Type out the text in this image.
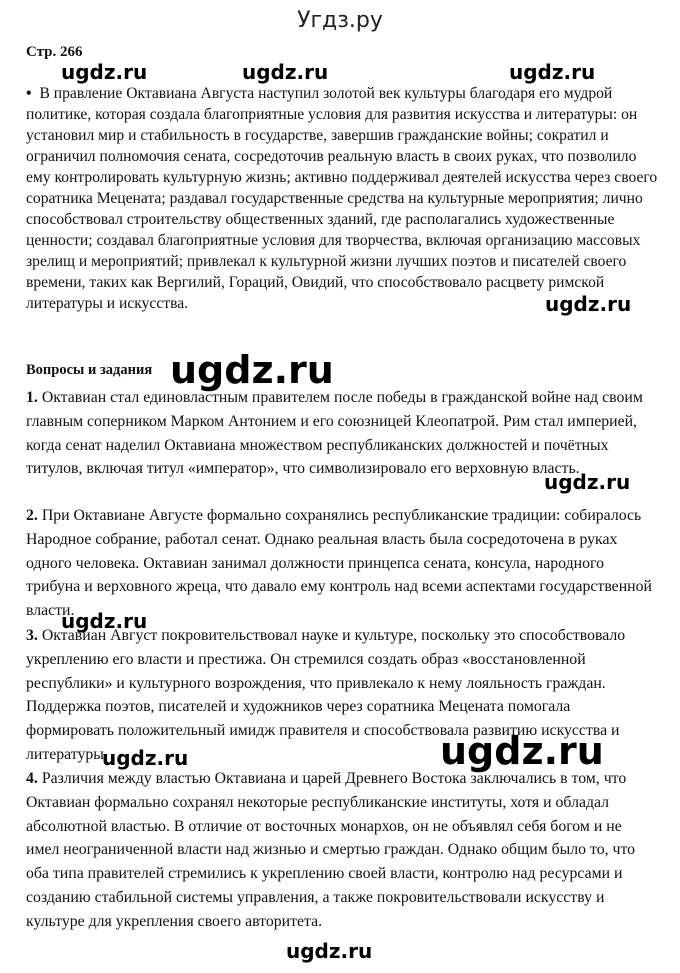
Угдз.ру
Стр. 266
ugdz.ru	ugdz.ru	ugdz.ru
ugdz.ru
ugdz.ru
ugdz.ru
ugdz.ru
ugdz.ru
ugdz.ru
ugdz.ru

• В правление Октавиана Августа наступил золотой век культуры благодаря его мудрой политике, которая создала благоприятные условия для развития искусства и литературы: он установил мир и стабильность в государстве, завершив гражданские войны; сократил и ограничил полномочия сената, сосредоточив реальную власть в своих руках, что позволило ему контролировать культурную жизнь; активно поддерживал деятелей искусства через своего соратника Мецената; раздавал государственные средства на культурные мероприятия; лично способствовал строительству общественных зданий, где располагались художественные ценности; создавал благоприятные условия для творчества, включая организацию массовых зрелищ и мероприятий; привлекал к культурной жизни лучших поэтов и писателей своего времени, таких как Вергилий, Гораций, Овидий, что способствовало расцвету римской литературы и искусства.

Вопросы и задания

1. Октавиан стал единовластным правителем после победы в гражданской войне над своим главным соперником Марком Антонием и его союзницей Клеопатрой. Рим стал империей, когда сенат наделил Октавиана множеством республиканских должностей и почётных титулов, включая титул «император», что символизировало его верховную власть.

2. При Октавиане Августе формально сохранялись республиканские традиции: собиралось Народное собрание, работал сенат. Однако реальная власть была сосредоточена в руках одного человека. Октавиан занимал должности принцепса сената, консула, народного трибуна и верховного жреца, что давало ему контроль над всеми аспектами государственной власти.

3. Октавиан Август покровительствовал науке и культуре, поскольку это способствовало укреплению его власти и престижа. Он стремился создать образ «восстановленной республики» и культурного возрождения, что привлекало к нему лояльность граждан. Поддержка поэтов, писателей и художников через соратника Мецената помогала формировать положительный имидж правителя и способствовала развитию искусства и литературы.

4. Различия между властью Октавиана и царей Древнего Востока заключались в том, что Октавиан формально сохранял некоторые республиканские институты, хотя и обладал абсолютной властью. В отличие от восточных монархов, он не объявлял себя богом и не имел неограниченной власти над жизнью и смертью граждан. Однако общим было то, что оба типа правителей стремились к укреплению своей власти, контролю над ресурсами и созданию стабильной системы управления, а также покровительствовали искусству и культуре для укрепления своего авторитета.
